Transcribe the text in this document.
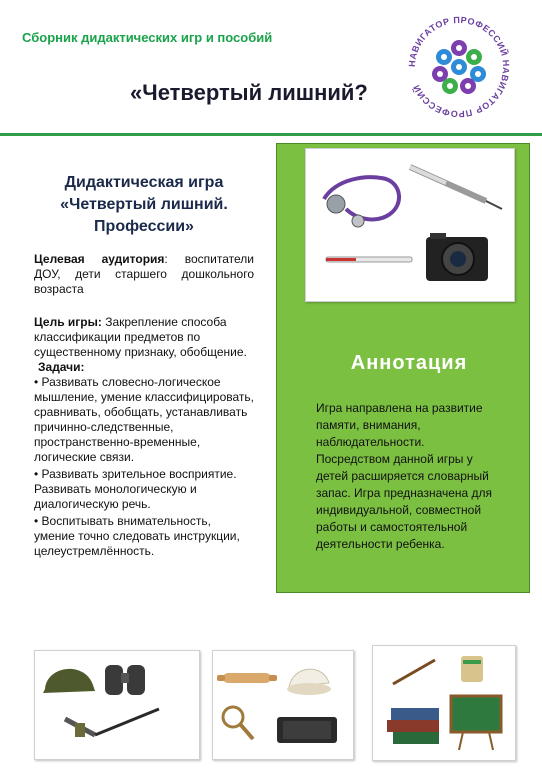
Сборник дидактических игр и пособий
НАВИГАТОР ПРОФЕССИЙ НАВИГАТОР ПРОФЕССИЙ
«Четвертый лишний?
Дидактическая игра
«Четвертый лишний.
Профессии»

Целевая аудитория: воспитатели ДОУ, дети старшего дошкольного возраста

Цель игры: Закрепление способа классификации предметов по существенному признаку, обобщение.

Задачи:

• Развивать словесно-логическое мышление, умение классифицировать, сравнивать, обобщать, устанавливать причинно-следственные, пространственно-временные, логические связи.

• Развивать зрительное восприятие. Развивать монологическую и диалогическую речь.

• Воспитывать внимательность, умение точно следовать инструкции, целеустремлённость.

Аннотация

Игра направлена на развитие памяти, внимания, наблюдательности.

Посредством данной игры у детей расширяется словарный запас. Игра предназначена для индивидуальной, совместной работы и самостоятельной деятельности ребенка.
